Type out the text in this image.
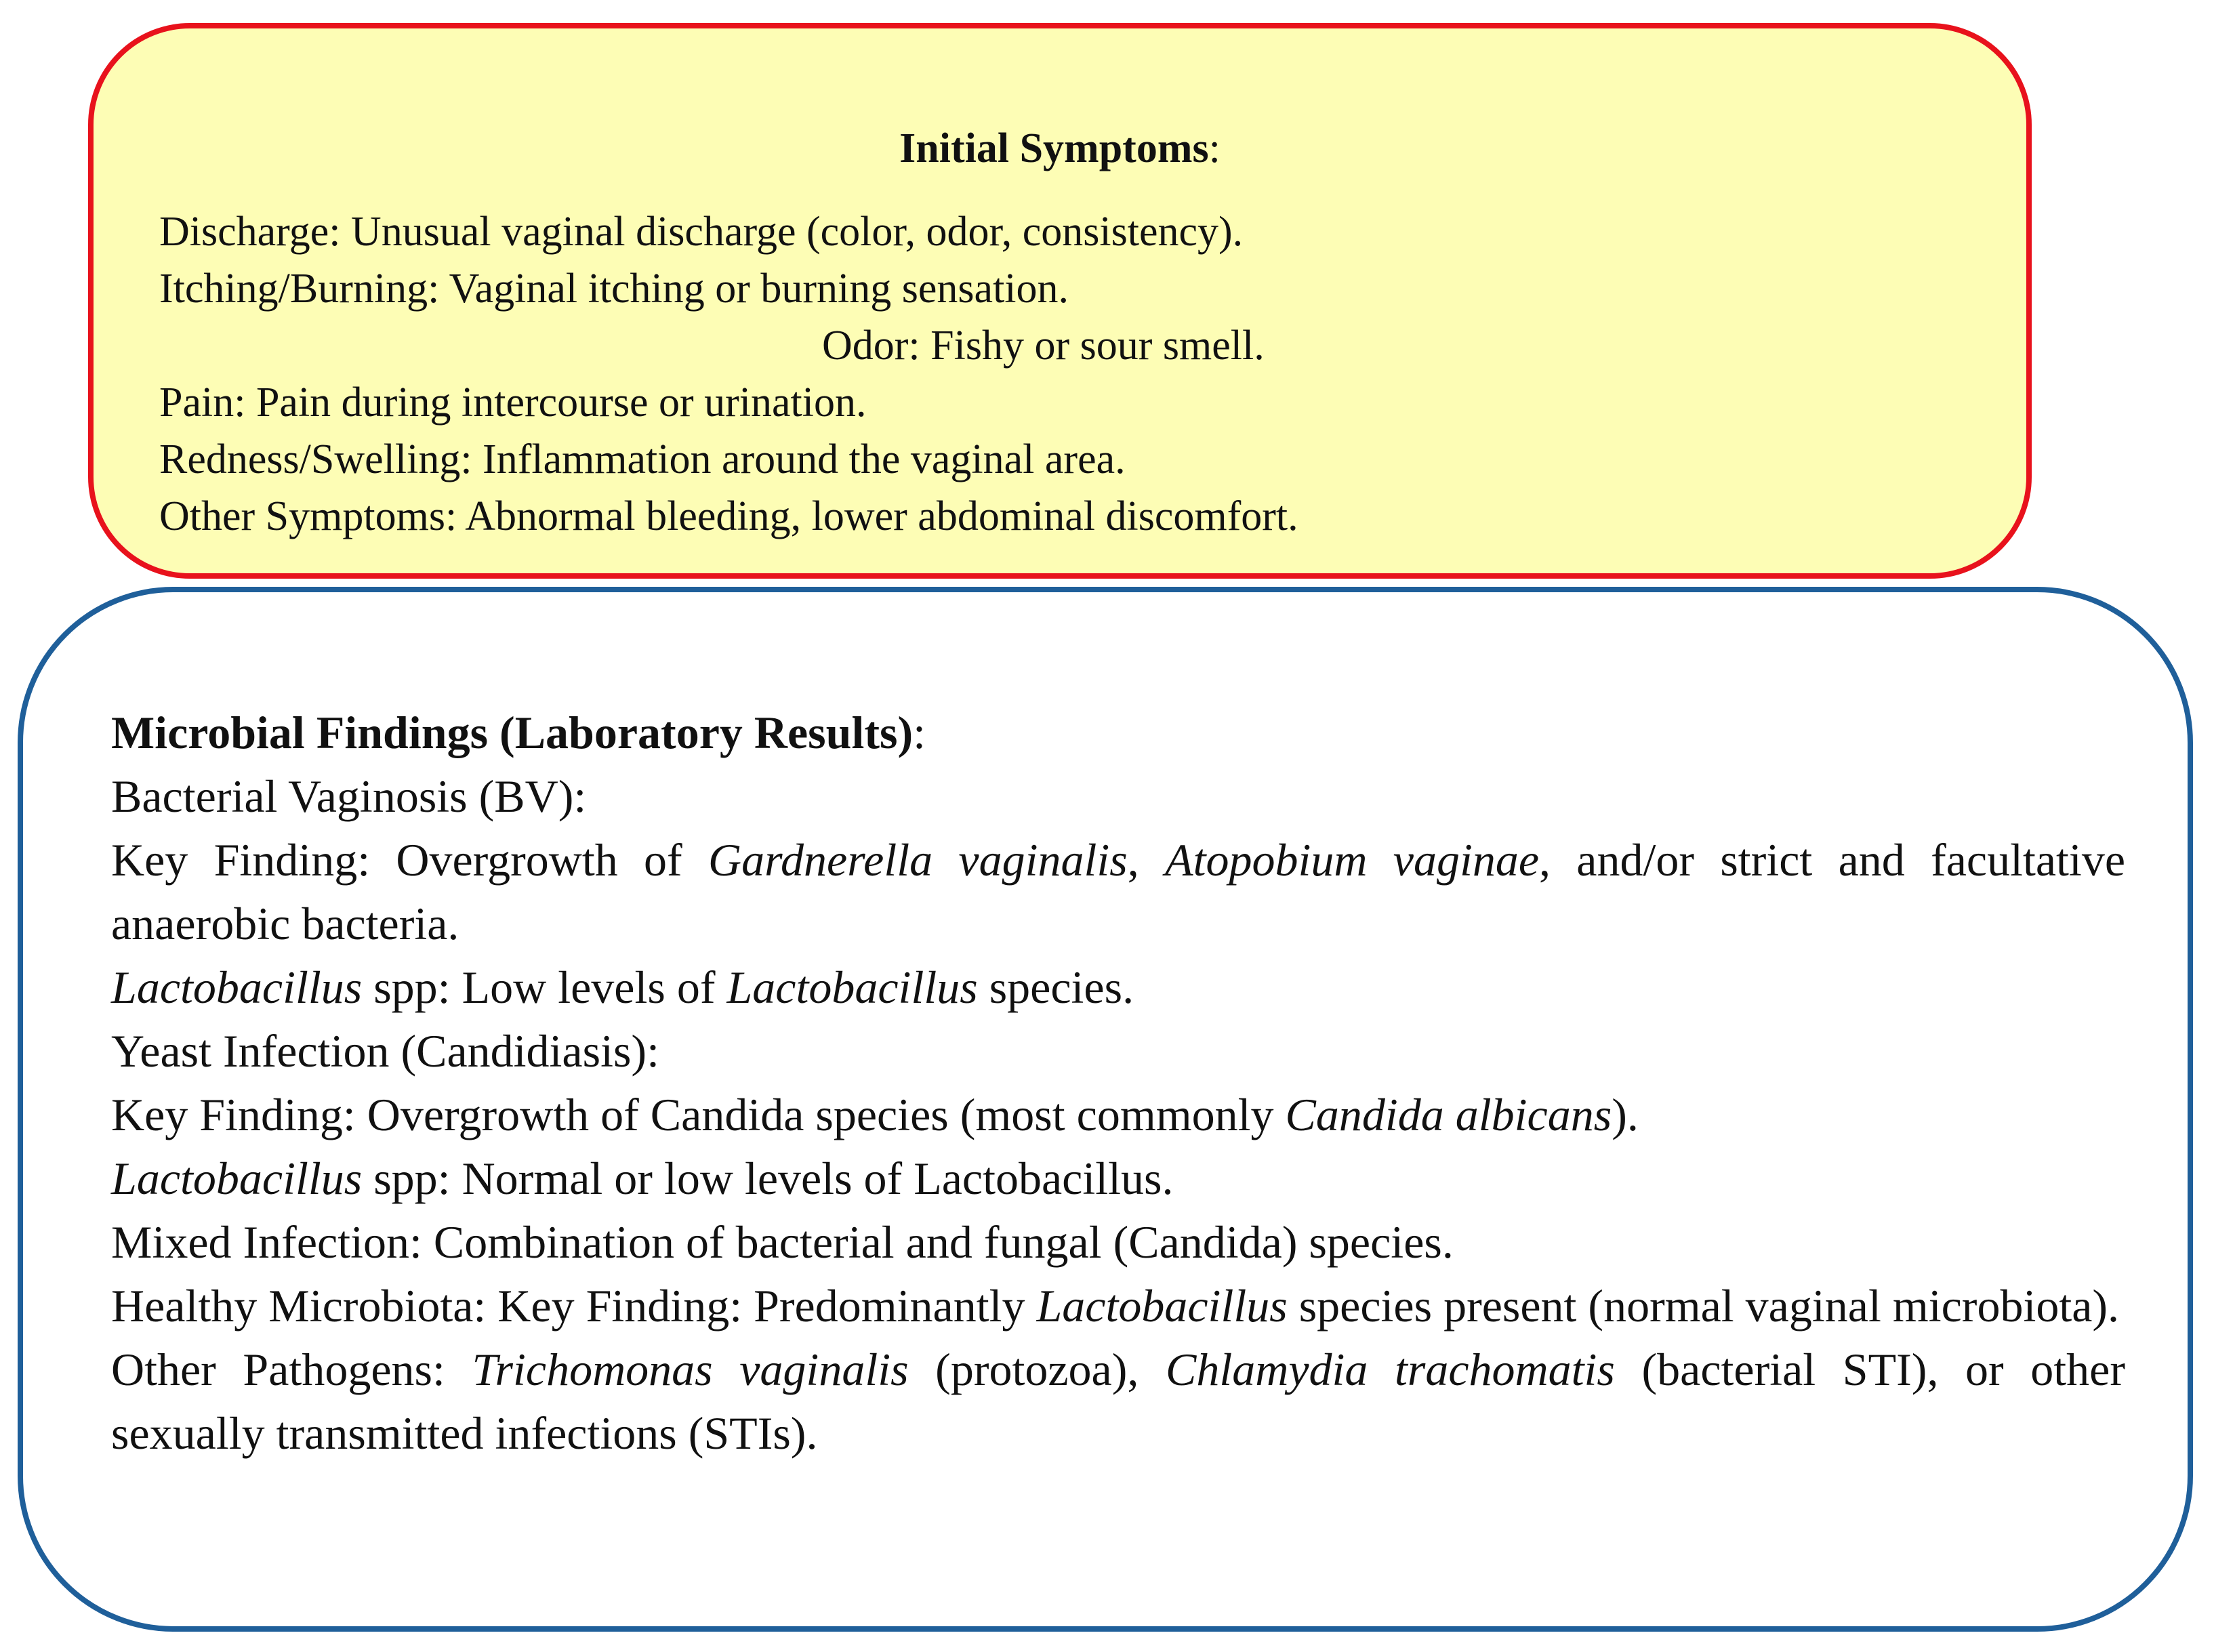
Initial Symptoms:
Discharge: Unusual vaginal discharge (color, odor, consistency).
Itching/Burning: Vaginal itching or burning sensation.
Odor: Fishy or sour smell.
Pain: Pain during intercourse or urination.
Redness/Swelling: Inflammation around the vaginal area.
Other Symptoms: Abnormal bleeding, lower abdominal discomfort.

Microbial Findings (Laboratory Results):

Bacterial Vaginosis (BV):

Key Finding: Overgrowth of Gardnerella vaginalis, Atopobium vaginae, and/or strict and facultative anaerobic bacteria.

Lactobacillus spp: Low levels of Lactobacillus species.

Yeast Infection (Candidiasis):

Key Finding: Overgrowth of Candida species (most commonly Candida albicans).

Lactobacillus spp: Normal or low levels of Lactobacillus.

Mixed Infection: Combination of bacterial and fungal (Candida) species.

Healthy Microbiota: Key Finding: Predominantly Lactobacillus species present (normal vaginal microbiota).

Other Pathogens: Trichomonas vaginalis (protozoa), Chlamydia trachomatis (bacterial STI), or other sexually transmitted infections (STIs).
